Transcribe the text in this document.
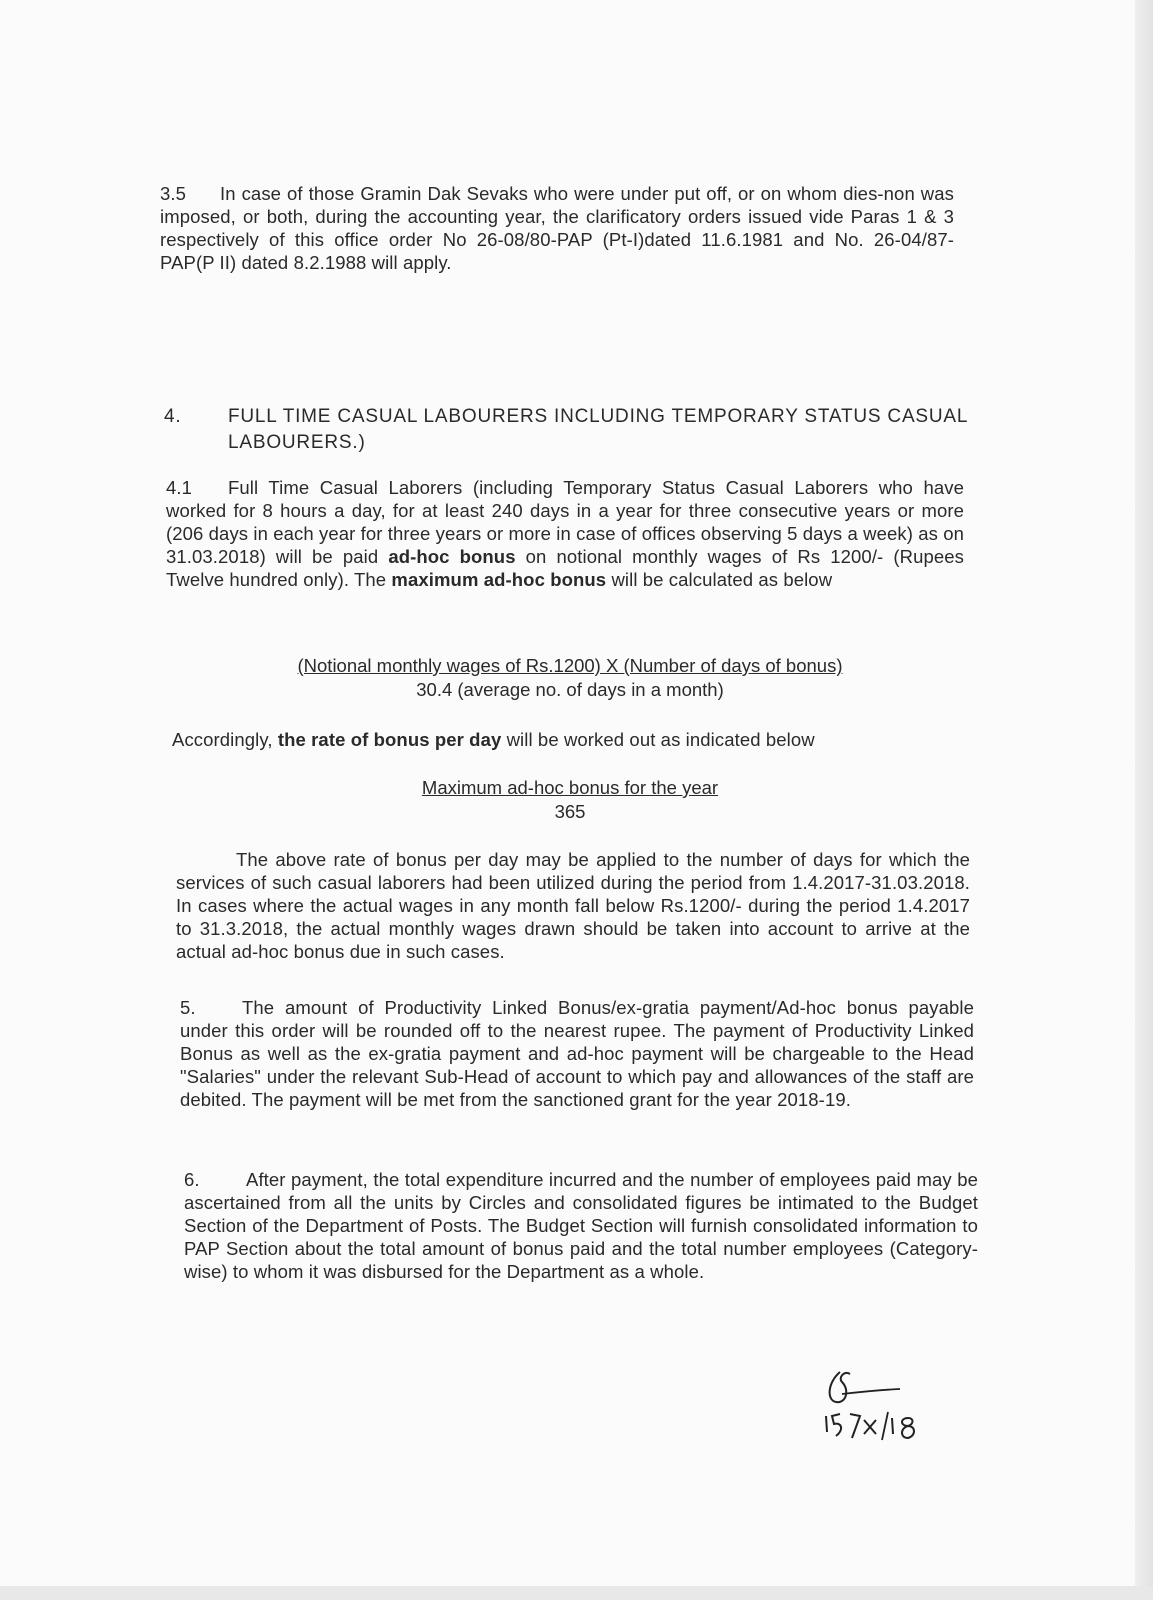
3.5 In case of those Gramin Dak Sevaks who were under put off, or on whom dies-non was imposed, or both, during the accounting year, the clarificatory orders issued vide Paras 1 & 3 respectively of this office order No 26-08/80-PAP (Pt-I)dated 11.6.1981 and No. 26-04/87-PAP(P II) dated 8.2.1988 will apply.
4. FULL TIME CASUAL LABOURERS INCLUDING TEMPORARY STATUS CASUAL LABOURERS.)
4.1 Full Time Casual Laborers (including Temporary Status Casual Laborers who have worked for 8 hours a day, for at least 240 days in a year for three consecutive years or more (206 days in each year for three years or more in case of offices observing 5 days a week) as on 31.03.2018) will be paid ad-hoc bonus on notional monthly wages of Rs 1200/- (Rupees Twelve hundred only). The maximum ad-hoc bonus will be calculated as below
(Notional monthly wages of Rs.1200) X (Number of days of bonus)
30.4 (average no. of days in a month)
Accordingly, the rate of bonus per day will be worked out as indicated below
Maximum ad-hoc bonus for the year
365
The above rate of bonus per day may be applied to the number of days for which the services of such casual laborers had been utilized during the period from 1.4.2017-31.03.2018. In cases where the actual wages in any month fall below Rs.1200/- during the period 1.4.2017 to 31.3.2018, the actual monthly wages drawn should be taken into account to arrive at the actual ad-hoc bonus due in such cases.
5.	The amount of Productivity Linked Bonus/ex-gratia payment/Ad-hoc bonus payable under this order will be rounded off to the nearest rupee. The payment of Productivity Linked Bonus as well as the ex-gratia payment and ad-hoc payment will be chargeable to the Head "Salaries" under the relevant Sub-Head of account to which pay and allowances of the staff are debited. The payment will be met from the sanctioned grant for the year 2018-19.
6.	After payment, the total expenditure incurred and the number of employees paid may be ascertained from all the units by Circles and consolidated figures be intimated to the Budget Section of the Department of Posts. The Budget Section will furnish consolidated information to PAP Section about the total amount of bonus paid and the total number employees (Category-wise) to whom it was disbursed for the Department as a whole.
